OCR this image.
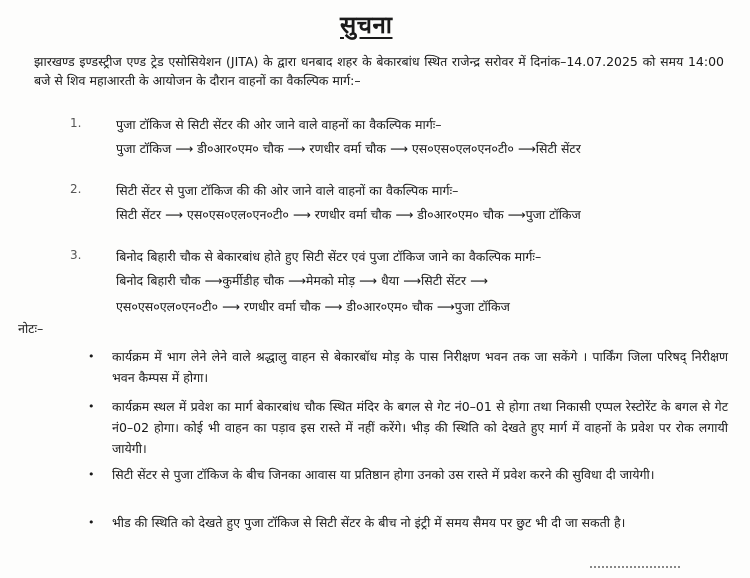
सुचना
झारखण्ड इण्डस्ट्रीज एण्ड ट्रेड एसोसियेशन (JITA) के द्वारा धनबाद शहर के बेकारबांध स्थित राजेन्द्र सरोवर में दिनांक–14.07.2025 को समय 14:00 बजे से शिव महाआरती के आयोजन के दौरान वाहनों का वैकल्पिक मार्ग:–
1.	पुजा टॉकिज से सिटी सेंटर की ओर जाने वाले वाहनों का वैकल्पिक मार्गः–
पुजा टॉकिज ⟶ डी०आर०एम० चौक ⟶ रणधीर वर्मा चौक ⟶ एस०एस०एल०एन०टी० ⟶सिटी सेंटर
2.	सिटी सेंटर से पुजा टॉकिज की की ओर जाने वाले वाहनों का वैकल्पिक मार्गः–
सिटी सेंटर ⟶ एस०एस०एल०एन०टी० ⟶ रणधीर वर्मा चौक ⟶ डी०आर०एम० चौक ⟶पुजा टॉकिज
3.	बिनोद बिहारी चौक से बेकारबांध होते हुए सिटी सेंटर एवं पुजा टॉकिज जाने का वैकल्पिक मार्गः–
बिनोद बिहारी चौक ⟶कुर्मीडीह चौक ⟶मेमको मोड़ ⟶ धैया ⟶सिटी सेंटर ⟶
एस०एस०एल०एन०टी० ⟶ रणधीर वर्मा चौक ⟶ डी०आर०एम० चौक ⟶पुजा टॉकिज
नोटः–
• कार्यक्रम में भाग लेने लेने वाले श्रद्धालु वाहन से बेकारबॉध मोड़ के पास निरीक्षण भवन तक जा सकेंगे । पार्किंग जिला परिषद् निरीक्षण भवन कैम्पस में होगा।
• कार्यक्रम स्थल में प्रवेश का मार्ग बेकारबांध चौक स्थित मंदिर के बगल से गेट नं0–01 से होगा तथा निकासी एप्पल रेस्टोरेंट के बगल से गेट नं0–02 होगा। कोई भी वाहन का पड़ाव इस रास्ते में नहीं करेंगे। भीड़ की स्थिति को देखते हुए मार्ग में वाहनों के प्रवेश पर रोक लगायी जायेगी।
• सिटी सेंटर से पुजा टॉकिज के बीच जिनका आवास या प्रतिष्ठान होगा उनको उस रास्ते में प्रवेश करने की सुविधा दी जायेगी।
• भीड की स्थिति को देखते हुए पुजा टॉकिज से सिटी सेंटर के बीच नो इंट्री में समय सैमय पर छुट भी दी जा सकती है।
